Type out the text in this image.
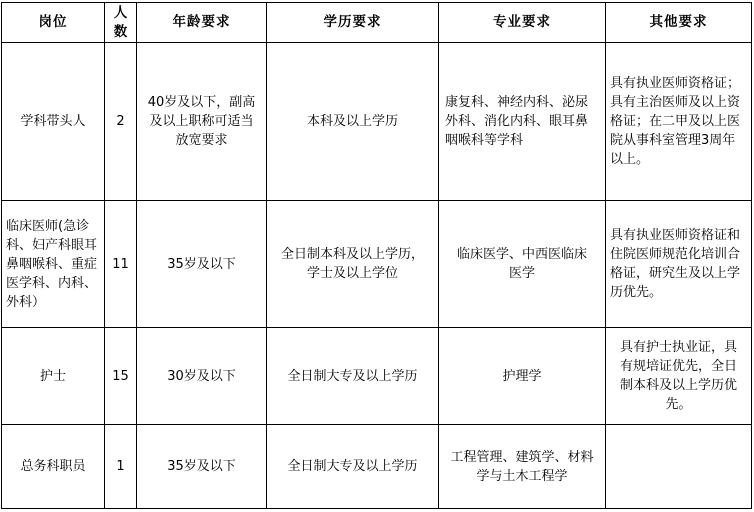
岗位	人数	年龄要求	学历要求	专业要求	其他要求
学科带头人	2	40岁及以下，副高及以上职称可适当放宽要求	本科及以上学历	康复科、神经内科、泌尿外科、消化内科、眼耳鼻咽喉科等学科	具有执业医师资格证；具有主治医师及以上资格证；在二甲及以上医院从事科室管理3周年以上。
临床医师(急诊科、妇产科眼耳鼻咽喉科、重症医学科、内科、外科）	11	35岁及以下	全日制本科及以上学历，学士及以上学位	临床医学、中西医临床医学	具有执业医师资格证和住院医师规范化培训合格证，研究生及以上学历优先。
护士	15	30岁及以下	全日制大专及以上学历	护理学	具有护士执业证，具有规培证优先，全日制本科及以上学历优先。
总务科职员	1	35岁及以下	全日制大专及以上学历	工程管理、建筑学、材料学与土木工程学	
